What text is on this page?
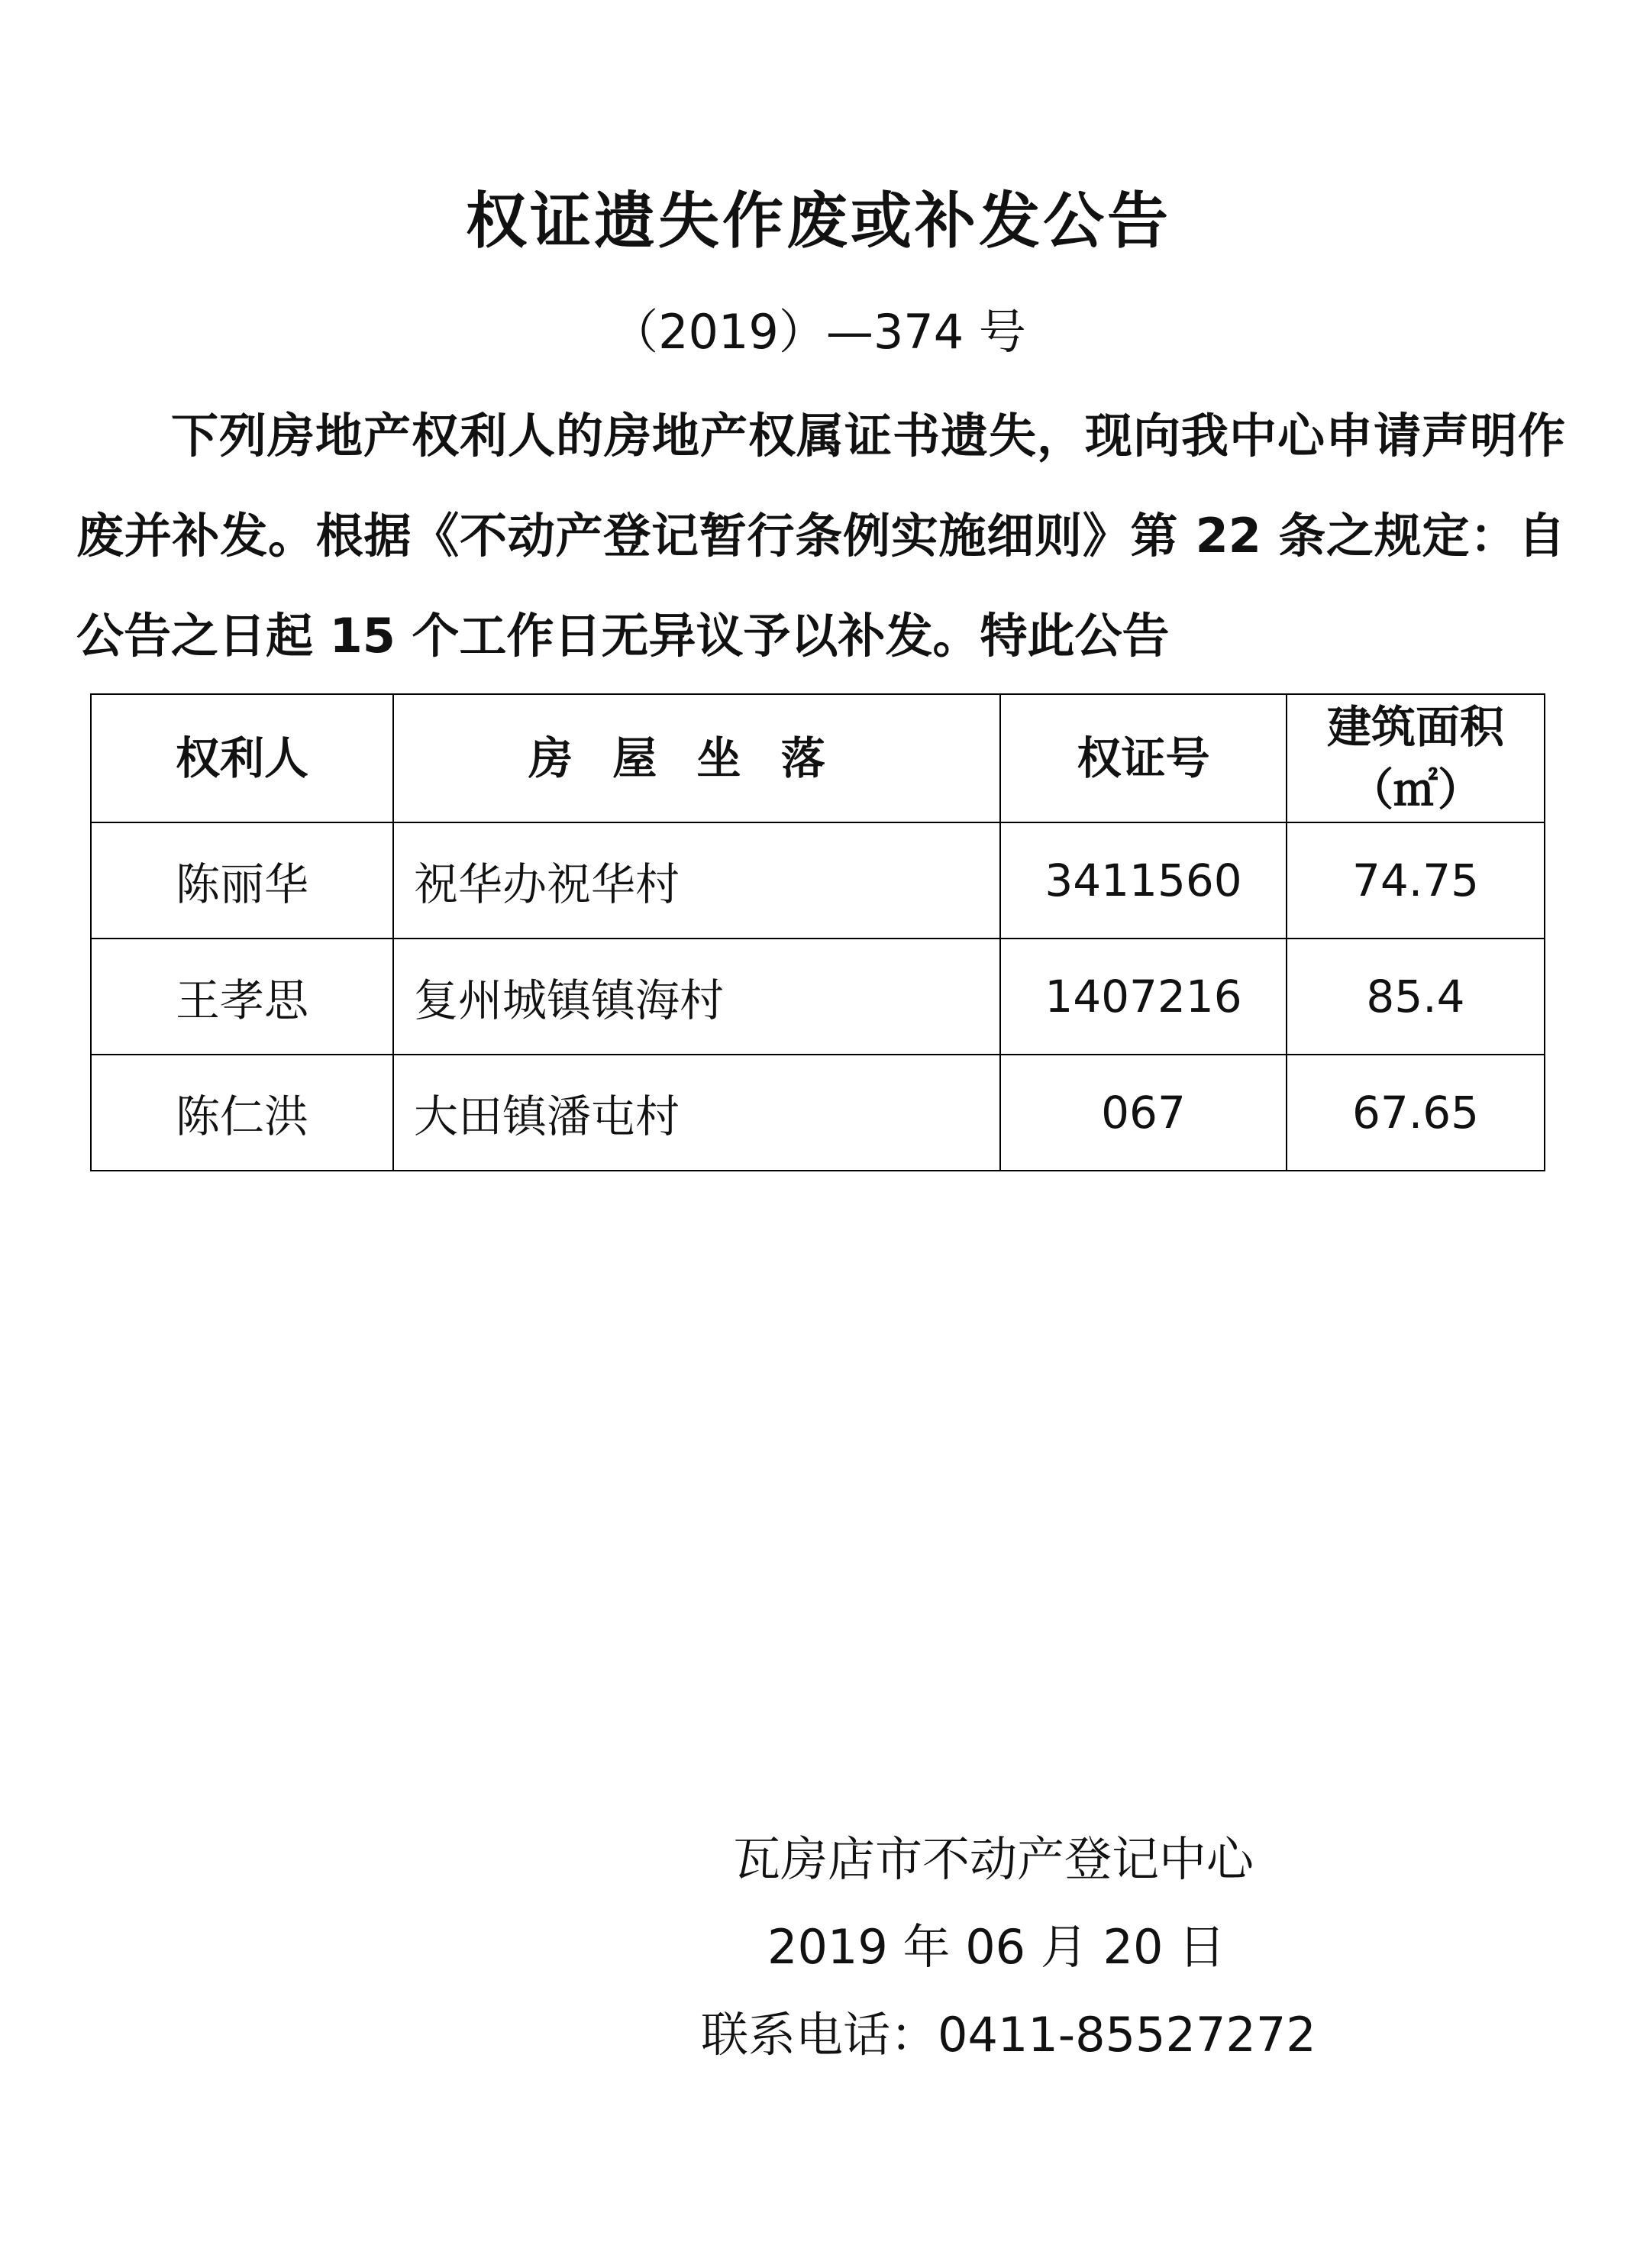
权证遗失作废或补发公告
（2019）—374 号
下列房地产权利人的房地产权属证书遗失，现向我中心申请声明作废并补发。根据《不动产登记暂行条例实施细则》第 22 条之规定：自公告之日起 15 个工作日无异议予以补发。特此公告
权利人	房屋坐落	权证号	建筑面积
（㎡）

陈丽华	祝华办祝华村	3411560	74.75
王孝思	复州城镇镇海村	1407216	85.4
陈仁洪	大田镇潘屯村	067	67.65
瓦房店市不动产登记中心
2019 年 06 月 20 日
联系电话：0411-85527272
